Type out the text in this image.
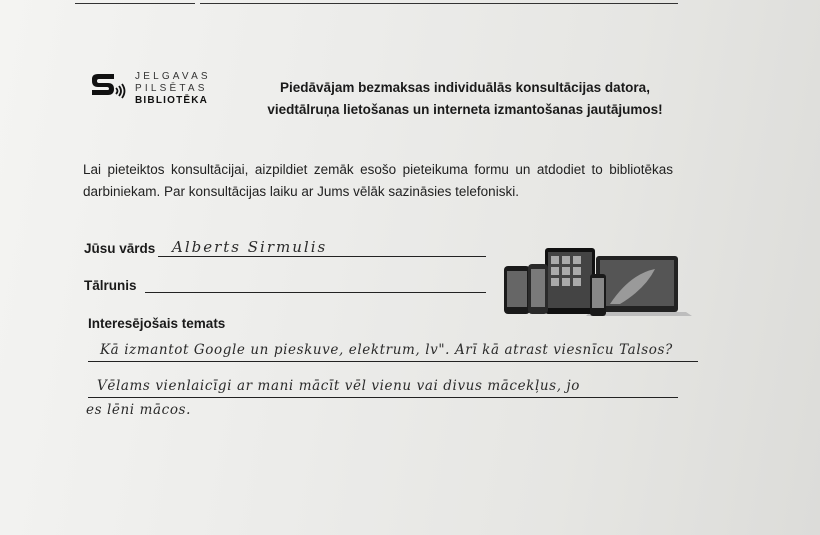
JELGAVAS
PILSĒTAS
BIBLIOTĒKA
Piedāvājam bezmaksas individuālās konsultācijas datora,
viedtālruņa lietošanas un interneta izmantošanas jautājumos!
Lai pieteiktos konsultācijai, aizpildiet zemāk esošo pieteikuma formu un atdodiet to bibliotēkas darbiniekam. Par konsultācijas laiku ar Jums vēlāk sazināsies telefoniski.
Jūsu vārds Alberts Sirmulis
Tālrunis
Interesējošais temats
Kā izmantot Google un pieskuve, elektrum, lv". Arī kā atrast viesnīcu Talsos?
Vēlams vienlaicīgi ar mani mācīt vēl vienu vai divus mācekļus, jo
es lēni mācos.
